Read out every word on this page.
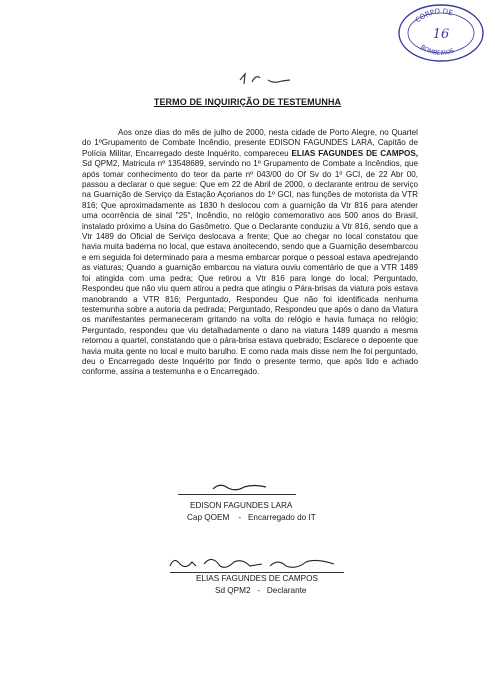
CORPO DE
BOMBEIROS
16
TERMO DE INQUIRIÇÃO DE TESTEMUNHA

Aos onze dias do mês de julho de 2000, nesta cidade de Porto Alegre, no Quartel do 1ºGrupamento de Combate Incêndio, presente EDISON FAGUNDES LARA, Capitão de Polícia Militar, Encarregado deste Inquérito, compareceu ELIAS FAGUNDES DE CAMPOS, Sd QPM2, Matricula nº 13548689, servindo no 1º Grupamento de Combate a Incêndios, que após tomar conhecimento do teor da parte nº 043/00 do Of Sv do 1º GCI, de 22 Abr 00, passou a declarar o que segue: Que em 22 de Abril de 2000, o declarante entrou de serviço na Guarnição de Serviço da Estação Açorianos do 1º GCI, nas funções de motorista da VTR 816; Que aproximadamente as 1830 h deslocou com a guarnição da Vtr 816 para atender uma ocorrência de sinal "25", Incêndio, no relógio comemorativo aos 500 anos do Brasil, instalado próximo a Usina do Gasômetro. Que o Declarante conduziu a Vtr 816, sendo que a Vtr 1489 do Oficial de Serviço deslocava a frente; Que ao chegar no local constatou que havia muita baderna no local, que estava anoitecendo, sendo que a Guarnição desembarcou e em seguida foi determinado para a mesma embarcar porque o pessoal estava apedrejando as viaturas; Quando a guarnição embarcou na viatura ouviu comentário de que a VTR 1489 foi atingida com uma pedra; Que retirou a Vtr 816 para longe do local; Perguntado, Respondeu que não viu quem atirou a pedra que atingiu o Pára-brisas da viatura pois estava manobrando a VTR 816; Perguntado, Respondeu Que não foi identificada nenhuma testemunha sobre a autoria da pedrada; Perguntado, Respondeu que após o dano da Viatura os manifestantes permaneceram gritando na volta do relógio e havia fumaça no relógio; Perguntado, respondeu que viu detalhadamente o dano na viatura 1489 quando a mesma retornou a quartel, constatando que o pára-brisa estava quebrado; Esclarece o depoente que havia muita gente no local e muito barulho. E como nada mais disse nem lhe foi perguntado, deu o Encarregado deste Inquérito por findo o presente termo, que após lido e achado conforme, assina a testemunha e o Encarregado.

EDISON FAGUNDES LARA
Cap QOEM    -   Encarregado do IT
ELIAS FAGUNDES DE CAMPOS
Sd QPM2   -   Declarante
